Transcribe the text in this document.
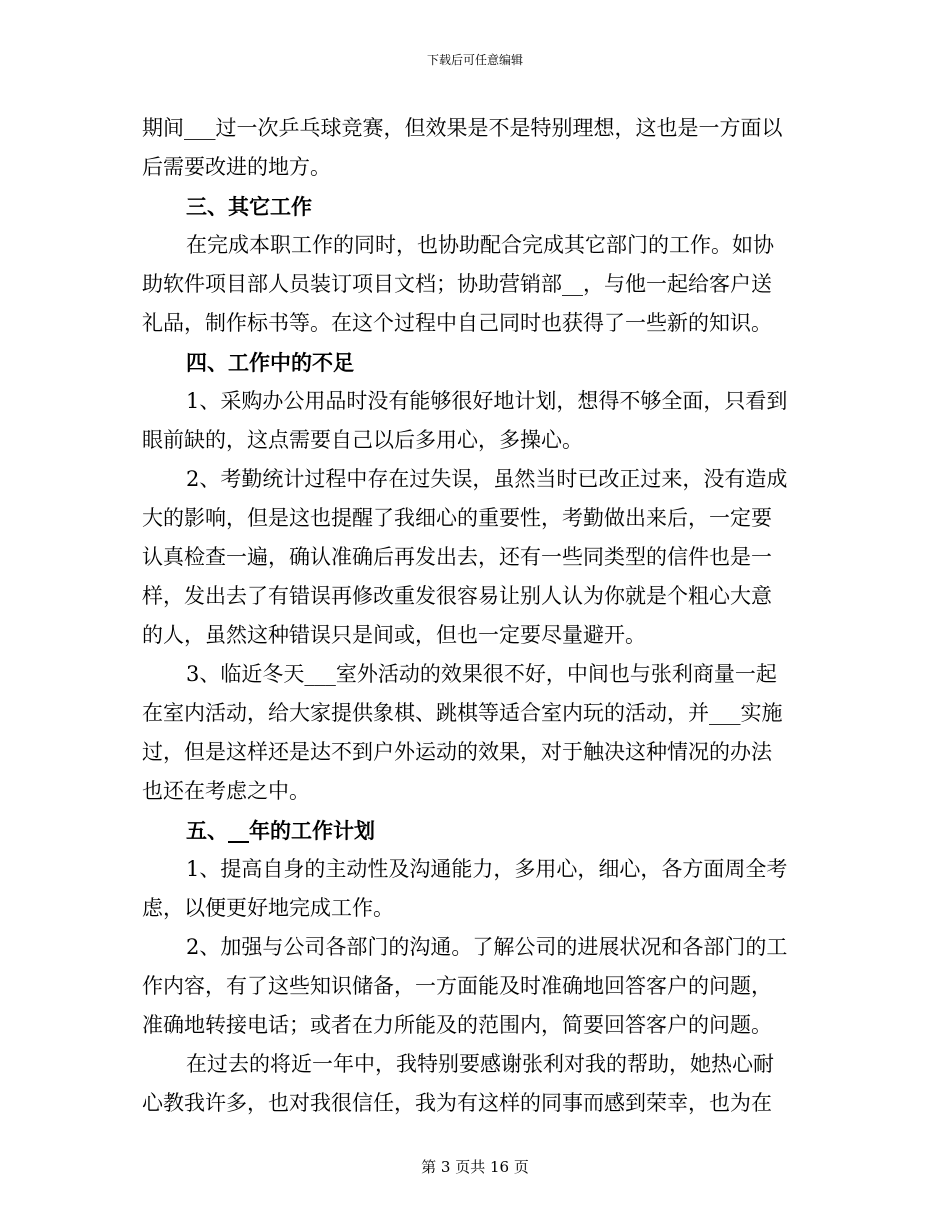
下载后可任意编辑
期间___过一次乒乓球竞赛，但效果是不是特别理想，这也是一方面以
后需要改进的地方。
三、其它工作
在完成本职工作的同时，也协助配合完成其它部门的工作。如协
助软件项目部人员装订项目文档；协助营销部__，与他一起给客户送
礼品，制作标书等。在这个过程中自己同时也获得了一些新的知识。
四、工作中的不足
1、采购办公用品时没有能够很好地计划，想得不够全面，只看到
眼前缺的，这点需要自己以后多用心，多操心。
2、考勤统计过程中存在过失误，虽然当时已改正过来，没有造成
大的影响，但是这也提醒了我细心的重要性，考勤做出来后，一定要
认真检查一遍，确认准确后再发出去，还有一些同类型的信件也是一
样，发出去了有错误再修改重发很容易让别人认为你就是个粗心大意
的人，虽然这种错误只是间或，但也一定要尽量避开。
3、临近冬天___室外活动的效果很不好，中间也与张利商量一起
在室内活动，给大家提供象棋、跳棋等适合室内玩的活动，并___实施
过，但是这样还是达不到户外运动的效果，对于触决这种情况的办法
也还在考虑之中。
五、__年的工作计划
1、提高自身的主动性及沟通能力，多用心，细心，各方面周全考
虑，以便更好地完成工作。
2、加强与公司各部门的沟通。了解公司的进展状况和各部门的工
作内容，有了这些知识储备，一方面能及时准确地回答客户的问题，
准确地转接电话；或者在力所能及的范围内，简要回答客户的问题。
在过去的将近一年中，我特别要感谢张利对我的帮助，她热心耐
心教我许多，也对我很信任，我为有这样的同事而感到荣幸，也为在
第 3 页共 16 页
